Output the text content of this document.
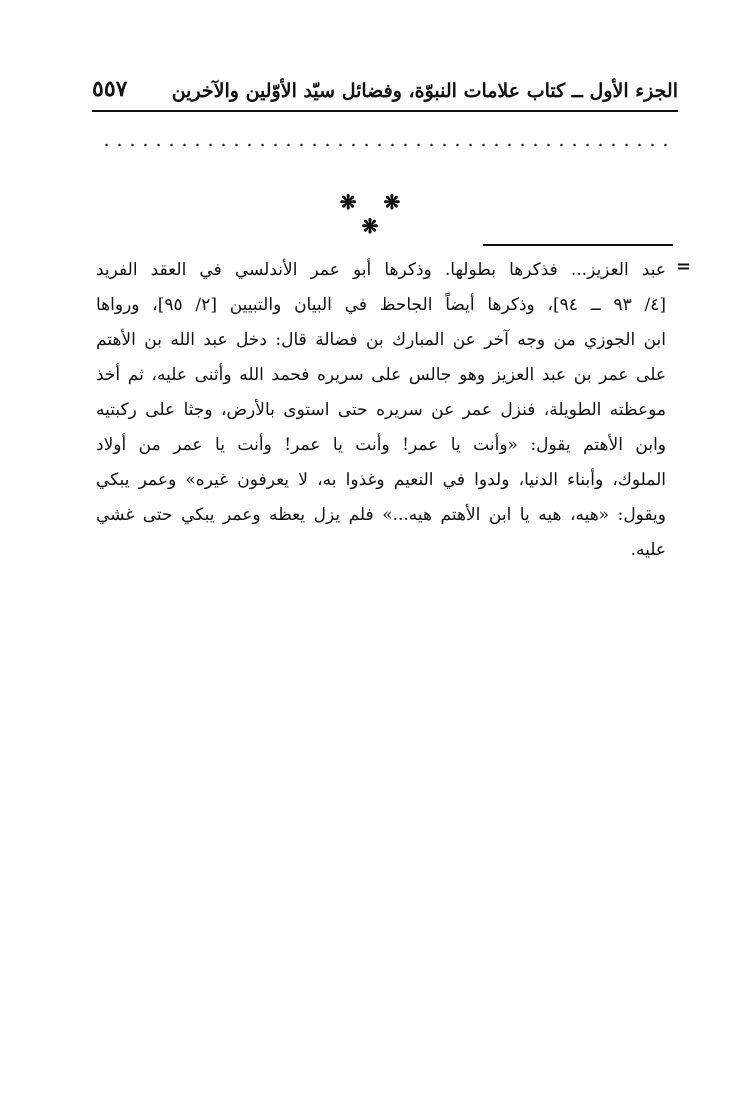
الجزء الأول ــ كتاب علامات النبوّة، وفضائل سيّد الأوّلين والآخرين
٥٥٧
❋ ❋ ❋
=
عبد العزيز... فذكرها بطولها. وذكرها أبو عمر الأندلسي في العقد الفريد
[٤/ ٩٣ ــ ٩٤]، وذكرها أيضاً الجاحظ في البيان والتبيين [٢/ ٩٥]، ورواها
ابن الجوزي من وجه آخر عن المبارك بن فضالة قال: دخل عبد الله بن الأهتم
على عمر بن عبد العزيز وهو جالس على سريره فحمد الله وأثنى عليه، ثم أخذ
موعظته الطويلة، فنزل عمر عن سريره حتى استوى بالأرض، وجثا على ركبتيه
وابن الأهتم يقول: «وأنت يا عمر! وأنت يا عمر! وأنت يا عمر من أولاد
الملوك، وأبناء الدنيا، ولدوا في النعيم وغذوا به، لا يعرفون غيره» وعمر يبكي
ويقول: «هيه، هيه يا ابن الأهتم هيه...» فلم يزل يعظه وعمر يبكي حتى غشي
عليه.
